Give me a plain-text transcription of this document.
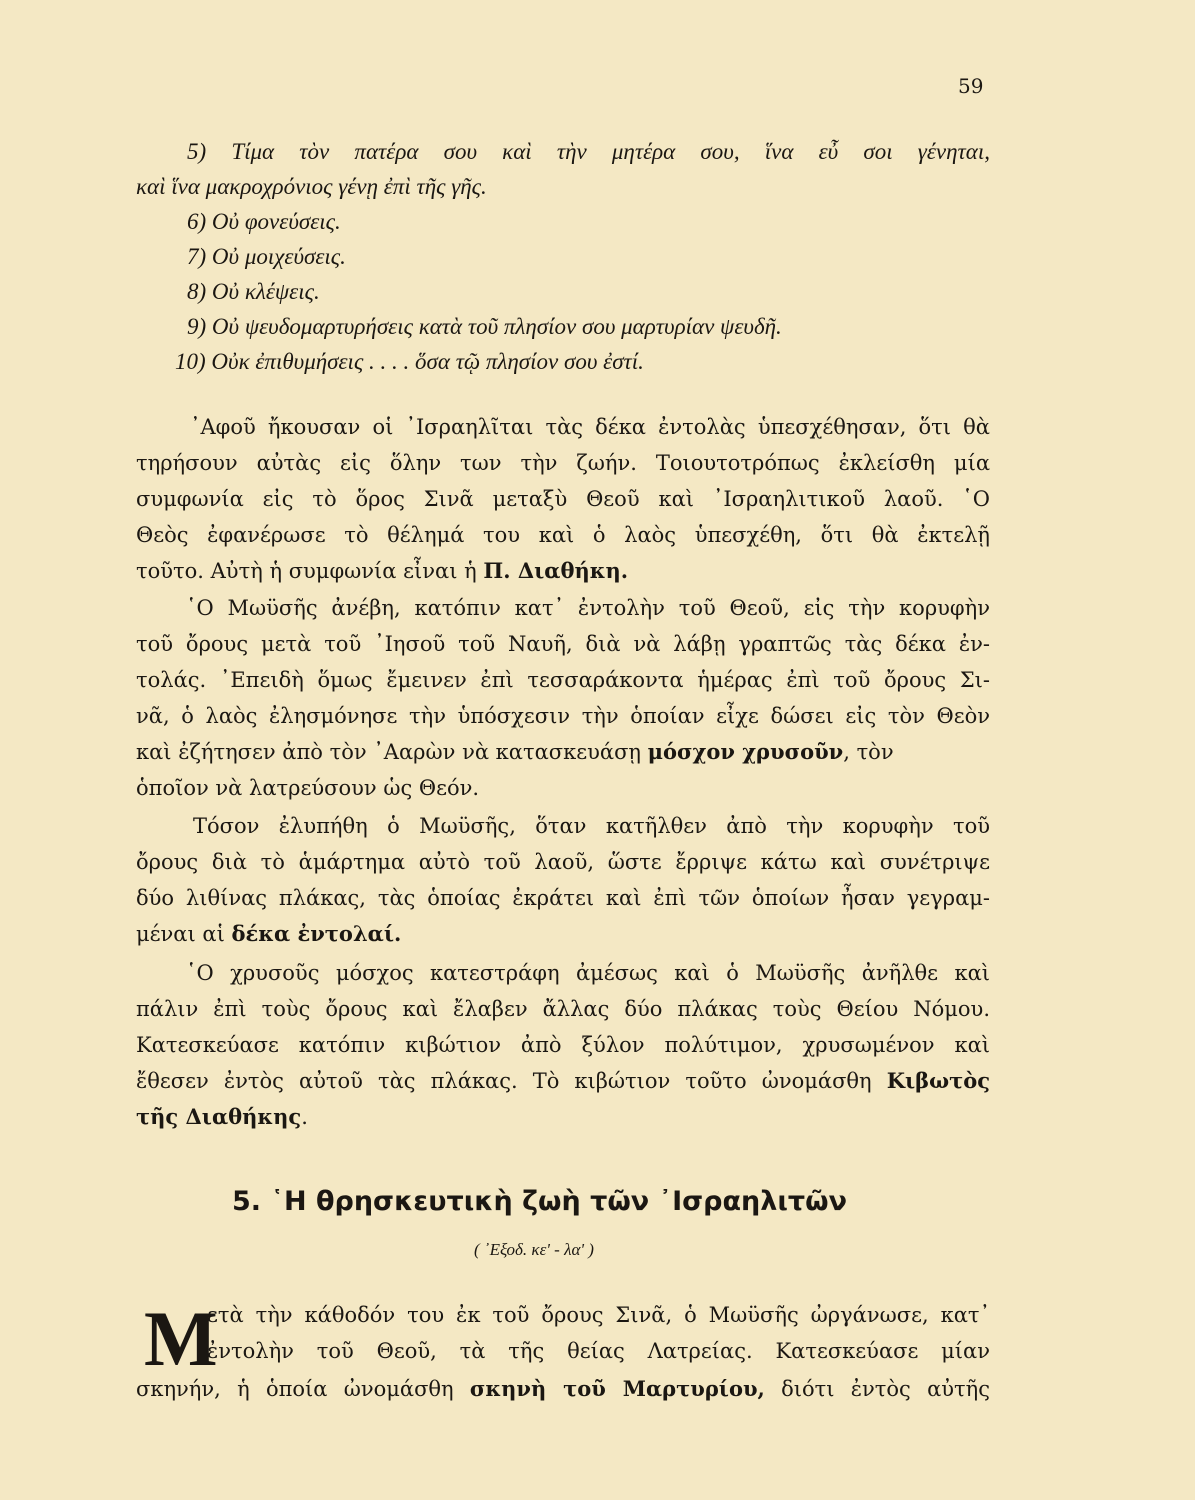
59
5) Τίμα τὸν πατέρα σου καὶ τὴν μητέρα σου, ἵνα εὖ σοι γένηται,
καὶ ἵνα μακροχρόνιος γένῃ ἐπὶ τῆς γῆς.
6) Οὐ φονεύσεις.
7) Οὐ μοιχεύσεις.
8) Οὐ κλέψεις.
9) Οὐ ψευδομαρτυρήσεις κατὰ τοῦ πλησίον σου μαρτυρίαν ψευδῆ.
10) Οὐκ ἐπιθυμήσεις . . . . ὅσα τῷ πλησίον σου ἐστί.
᾿Αφοῦ ἤκουσαν οἱ ᾿Ισραηλῖται τὰς δέκα ἐντολὰς ὑπεσχέθησαν, ὅτι θὰ
τηρήσουν αὐτὰς εἰς ὅλην των τὴν ζωήν. Τοιουτοτρόπως ἐκλείσθη μία
συμφωνία εἰς τὸ ὅρος Σινᾶ μεταξὺ Θεοῦ καὶ ᾿Ισραηλιτικοῦ λαοῦ. ῾Ο
Θεὸς ἐφανέρωσε τὸ θέλημά του καὶ ὁ λαὸς ὑπεσχέθη, ὅτι θὰ ἐκτελῇ
τοῦτο. Αὐτὴ ἡ συμφωνία εἶναι ἡ Π. Διαθήκη.
῾Ο Μωϋσῆς ἀνέβη, κατόπιν κατ᾿ ἐντολὴν τοῦ Θεοῦ, εἰς τὴν κορυφὴν
τοῦ ὄρους μετὰ τοῦ ᾿Ιησοῦ τοῦ Ναυῆ, διὰ νὰ λάβῃ γραπτῶς τὰς δέκα ἐν-
τολάς. ᾿Επειδὴ ὅμως ἔμεινεν ἐπὶ τεσσαράκοντα ἡμέρας ἐπὶ τοῦ ὄρους Σι-
νᾶ, ὁ λαὸς ἐλησμόνησε τὴν ὑπόσχεσιν τὴν ὁποίαν εἶχε δώσει εἰς τὸν Θεὸν
καὶ ἐζήτησεν ἀπὸ τὸν ᾿Ααρὼν νὰ κατασκευάσῃ μόσχον χρυσοῦν, τὸν
ὁποῖον νὰ λατρεύσουν ὡς Θεόν.
Τόσον ἐλυπήθη ὁ Μωϋσῆς, ὅταν κατῆλθεν ἀπὸ τὴν κορυφὴν τοῦ
ὄρους διὰ τὸ ἁμάρτημα αὐτὸ τοῦ λαοῦ, ὥστε ἔρριψε κάτω καὶ συνέτριψε
δύο λιθίνας πλάκας, τὰς ὁποίας ἐκράτει καὶ ἐπὶ τῶν ὁποίων ἦσαν γεγραμ-
μέναι αἱ δέκα ἐντολαί.
῾Ο χρυσοῦς μόσχος κατεστράφη ἀμέσως καὶ ὁ Μωϋσῆς ἀνῆλθε καὶ
πάλιν ἐπὶ τοὺς ὄρους καὶ ἔλαβεν ἄλλας δύο πλάκας τοὺς Θείου Νόμου.
Κατεσκεύασε κατόπιν κιβώτιον ἀπὸ ξύλον πολύτιμον, χρυσωμένον καὶ
ἔθεσεν ἐντὸς αὐτοῦ τὰς πλάκας. Τὸ κιβώτιον τοῦτο ὠνομάσθη Κιβωτὸς
τῆς Διαθήκης.
5. ῾Η θρησκευτικὴ ζωὴ τῶν ᾿Ισραηλιτῶν
( ᾿Εξοδ. κε' - λα' )
Μ
ετὰ τὴν κάθοδόν του ἐκ τοῦ ὄρους Σινᾶ, ὁ Μωϋσῆς ὠργάνωσε, κατ᾿
ἐντολὴν τοῦ Θεοῦ, τὰ τῆς θείας Λατρείας. Κατεσκεύασε μίαν
σκηνήν, ἡ ὁποία ὠνομάσθη σκηνὴ τοῦ Μαρτυρίου, διότι ἐντὸς αὐτῆς
